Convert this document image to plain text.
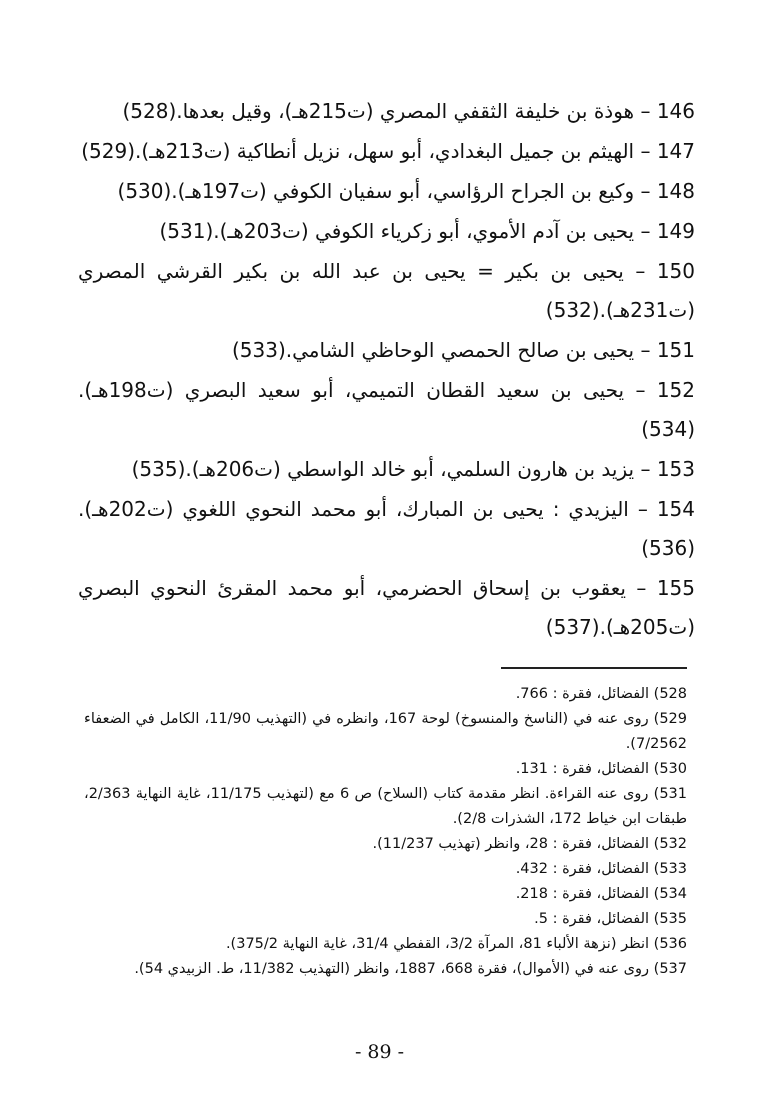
146 – هوذة بن خليفة الثقفي المصري (ت215هـ)، وقيل بعدها.(528)
147 – الهيثم بن جميل البغدادي، أبو سهل، نزيل أنطاكية (ت213هـ).(529)
148 – وكيع بن الجراح الرؤاسي، أبو سفيان الكوفي (ت197هـ).(530)
149 – يحيى بن آدم الأموي، أبو زكرياء الكوفي (ت203هـ).(531)
150 – يحيى بن بكير = يحيى بن عبد الله بن بكير القرشي المصري (ت231هـ).(532)
151 – يحيى بن صالح الحمصي الوحاظي الشامي.(533)
152 – يحيى بن سعيد القطان التميمي، أبو سعيد البصري (ت198هـ).(534)
153 – يزيد بن هارون السلمي، أبو خالد الواسطي (ت206هـ).(535)
154 – اليزيدي : يحيى بن المبارك، أبو محمد النحوي اللغوي (ت202هـ).(536)
155 – يعقوب بن إسحاق الحضرمي، أبو محمد المقرئ النحوي البصري (ت205هـ).(537)
528) الفضائل، فقرة : 766.
529) روى عنه في (الناسخ والمنسوخ) لوحة 167، وانظره في (التهذيب 11/90، الكامل في الضعفاء 7/2562).
530) الفضائل، فقرة : 131.
531) روى عنه القراءة. انظر مقدمة كتاب (السلاح) ص 6 مع (لتهذيب 11/175، غاية النهاية 2/363، طبقات ابن خياط 172، الشذرات 2/8).
532) الفضائل، فقرة : 28، وانظر (تهذيب 11/237).
533) الفضائل، فقرة : 432.
534) الفضائل، فقرة : 218.
535) الفضائل، فقرة : 5.
536) انظر (نزهة الألباء 81، المرآة 3/2، القفطي 31/4، غاية النهاية 375/2).
537) روى عنه في (الأموال)، فقرة 668، 1887، وانظر (التهذيب 11/382، ط. الزبيدي 54).
- 89 -
